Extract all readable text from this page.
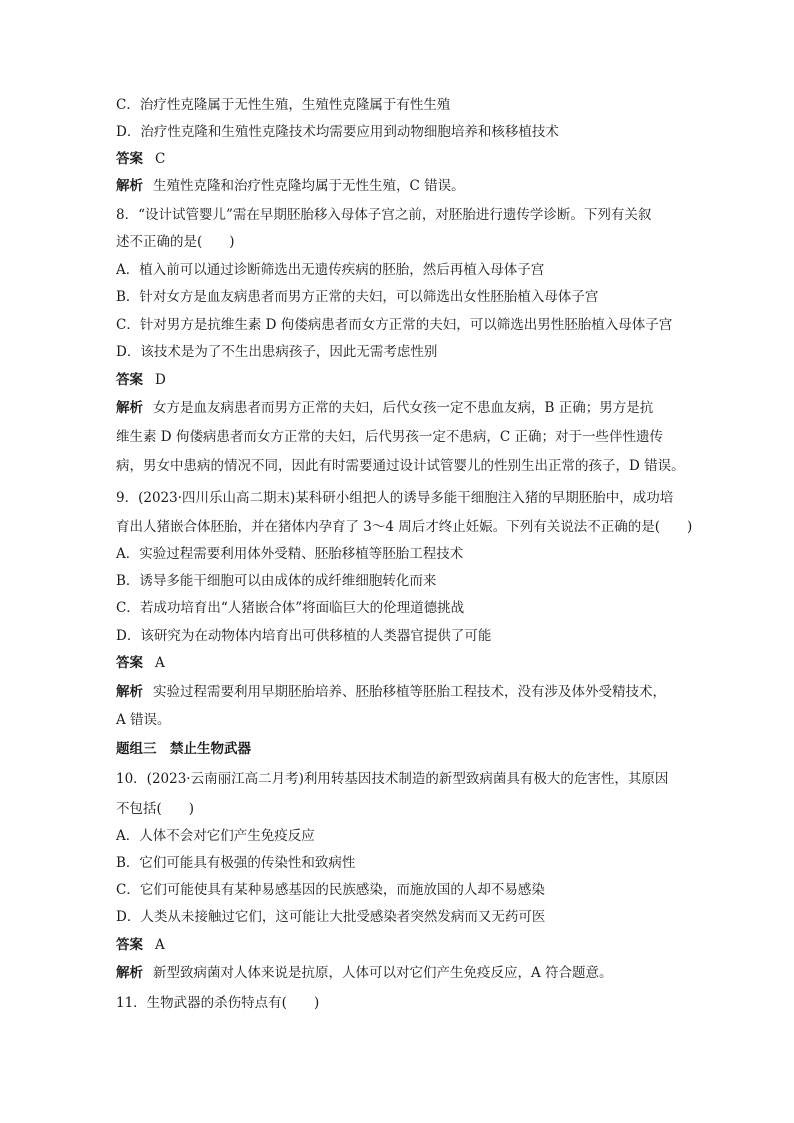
C．治疗性克隆属于无性生殖，生殖性克隆属于有性生殖
D．治疗性克隆和生殖性克隆技术均需要应用到动物细胞培养和核移植技术
答案 C
解析 生殖性克隆和治疗性克隆均属于无性生殖，C 错误。
8．“设计试管婴儿”需在早期胚胎移入母体子宫之前，对胚胎进行遗传学诊断。下列有关叙
述不正确的是(　　)
A．植入前可以通过诊断筛选出无遗传疾病的胚胎，然后再植入母体子宫
B．针对女方是血友病患者而男方正常的夫妇，可以筛选出女性胚胎植入母体子宫
C．针对男方是抗维生素 D 佝偻病患者而女方正常的夫妇，可以筛选出男性胚胎植入母体子宫
D．该技术是为了不生出患病孩子，因此无需考虑性别
答案 D
解析 女方是血友病患者而男方正常的夫妇，后代女孩一定不患血友病，B 正确；男方是抗
维生素 D 佝偻病患者而女方正常的夫妇，后代男孩一定不患病，C 正确；对于一些伴性遗传
病，男女中患病的情况不同，因此有时需要通过设计试管婴儿的性别生出正常的孩子，D 错误。
9．(2023·四川乐山高二期末)某科研小组把人的诱导多能干细胞注入猪的早期胚胎中，成功培
育出人猪嵌合体胚胎，并在猪体内孕育了 3～4 周后才终止妊娠。下列有关说法不正确的是(　　)
A．实验过程需要利用体外受精、胚胎移植等胚胎工程技术
B．诱导多能干细胞可以由成体的成纤维细胞转化而来
C．若成功培育出“人猪嵌合体”将面临巨大的伦理道德挑战
D．该研究为在动物体内培育出可供移植的人类器官提供了可能
答案 A
解析 实验过程需要利用早期胚胎培养、胚胎移植等胚胎工程技术，没有涉及体外受精技术，
A 错误。
题组三　禁止生物武器
10．(2023·云南丽江高二月考)利用转基因技术制造的新型致病菌具有极大的危害性，其原因
不包括(　　)
A．人体不会对它们产生免疫反应
B．它们可能具有极强的传染性和致病性
C．它们可能使具有某种易感基因的民族感染，而施放国的人却不易感染
D．人类从未接触过它们，这可能让大批受感染者突然发病而又无药可医
答案 A
解析 新型致病菌对人体来说是抗原，人体可以对它们产生免疫反应，A 符合题意。
11．生物武器的杀伤特点有(　　)
